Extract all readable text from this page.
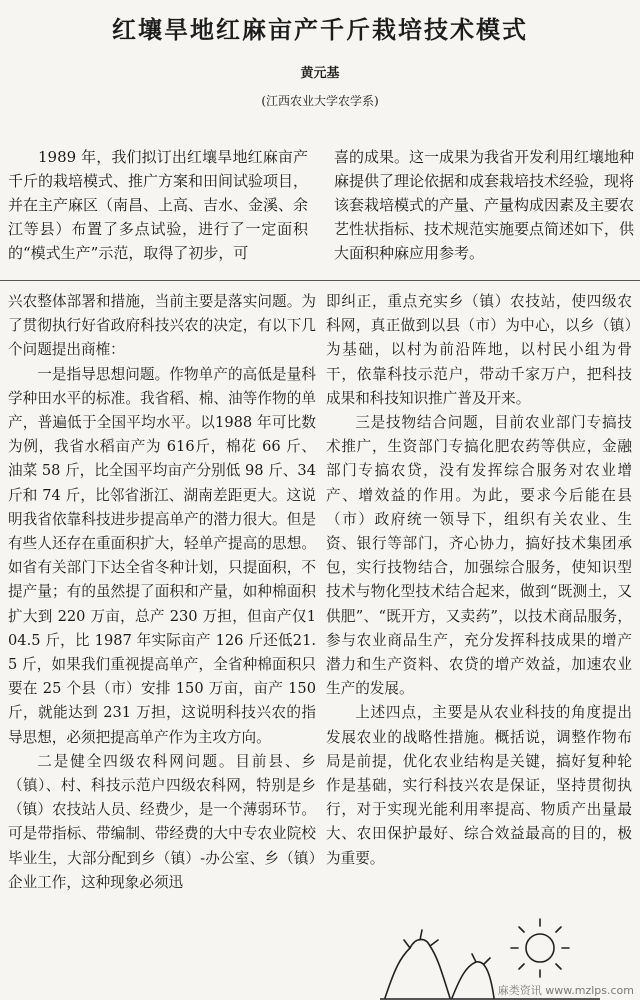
红壤旱地红麻亩产千斤栽培技术模式
黄元基
(江西农业大学农学系)

1989 年，我们拟订出红壤旱地红麻亩产千斤的栽培模式、推广方案和田间试验项目，并在主产麻区（南昌、上高、吉水、金溪、余江等县）布置了多点试验，进行了一定面积的“模式生产”示范，取得了初步，可

喜的成果。这一成果为我省开发利用红壤地种麻提供了理论依据和成套栽培技术经验，现将该套栽培模式的产量、产量构成因素及主要农艺性状指标、技术规范实施要点简述如下，供大面积种麻应用参考。

兴农整体部署和措施，当前主要是落实问题。为了贯彻执行好省政府科技兴农的决定，有以下几个问题提出商榷：

一是指导思想问题。作物单产的高低是量科学种田水平的标准。我省稻、棉、油等作物的单产，普遍低于全国平均水平。以1988 年可比数为例，我省水稻亩产为 616斤，棉花 66 斤、油菜 58 斤，比全国平均亩产分别低 98 斤、34 斤和 74 斤，比邻省浙江、湖南差距更大。这说明我省依靠科技进步提高单产的潜力很大。但是有些人还存在重面积扩大，轻单产提高的思想。如省有关部门下达全省冬种计划，只提面积，不提产量；有的虽然提了面积和产量，如种棉面积扩大到 220 万亩，总产 230 万担，但亩产仅104.5 斤，比 1987 年实际亩产 126 斤还低21.5 斤，如果我们重视提高单产，全省种棉面积只要在 25 个县（市）安排 150 万亩，亩产 150 斤，就能达到 231 万担，这说明科技兴农的指导思想，必须把提高单产作为主攻方向。

二是健全四级农科网问题。目前县、乡（镇）、村、科技示范户四级农科网，特别是乡（镇）农技站人员、经费少，是一个薄弱环节。可是带指标、带编制、带经费的大中专农业院校毕业生，大部分配到乡（镇）-办公室、乡（镇）企业工作，这种现象必须迅

即纠正，重点充实乡（镇）农技站，使四级农科网，真正做到以县（市）为中心，以乡（镇）为基础，以村为前沿阵地，以村民小组为骨干，依靠科技示范户，带动千家万户，把科技成果和科技知识推广普及开来。

三是技物结合问题，目前农业部门专搞技术推广，生资部门专搞化肥农药等供应，金融部门专搞农贷，没有发挥综合服务对农业增产、增效益的作用。为此，要求今后能在县（市）政府统一领导下，组织有关农业、生资、银行等部门，齐心协力，搞好技术集团承包，实行技物结合，加强综合服务，使知识型技术与物化型技术结合起来，做到“既测土，又供肥”、“既开方，又卖药”，以技术商品服务，参与农业商品生产，充分发挥科技成果的增产潜力和生产资料、农贷的增产效益，加速农业生产的发展。

上述四点，主要是从农业科技的角度提出发展农业的战略性措施。概括说，调整作物布局是前提，优化农业结构是关键，搞好复种轮作是基础，实行科技兴农是保证，坚持贯彻执行，对于实现光能利用率提高、物质产出量最大、农田保护最好、综合效益最高的目的，极为重要。

麻类资讯 www.mzlps.com
